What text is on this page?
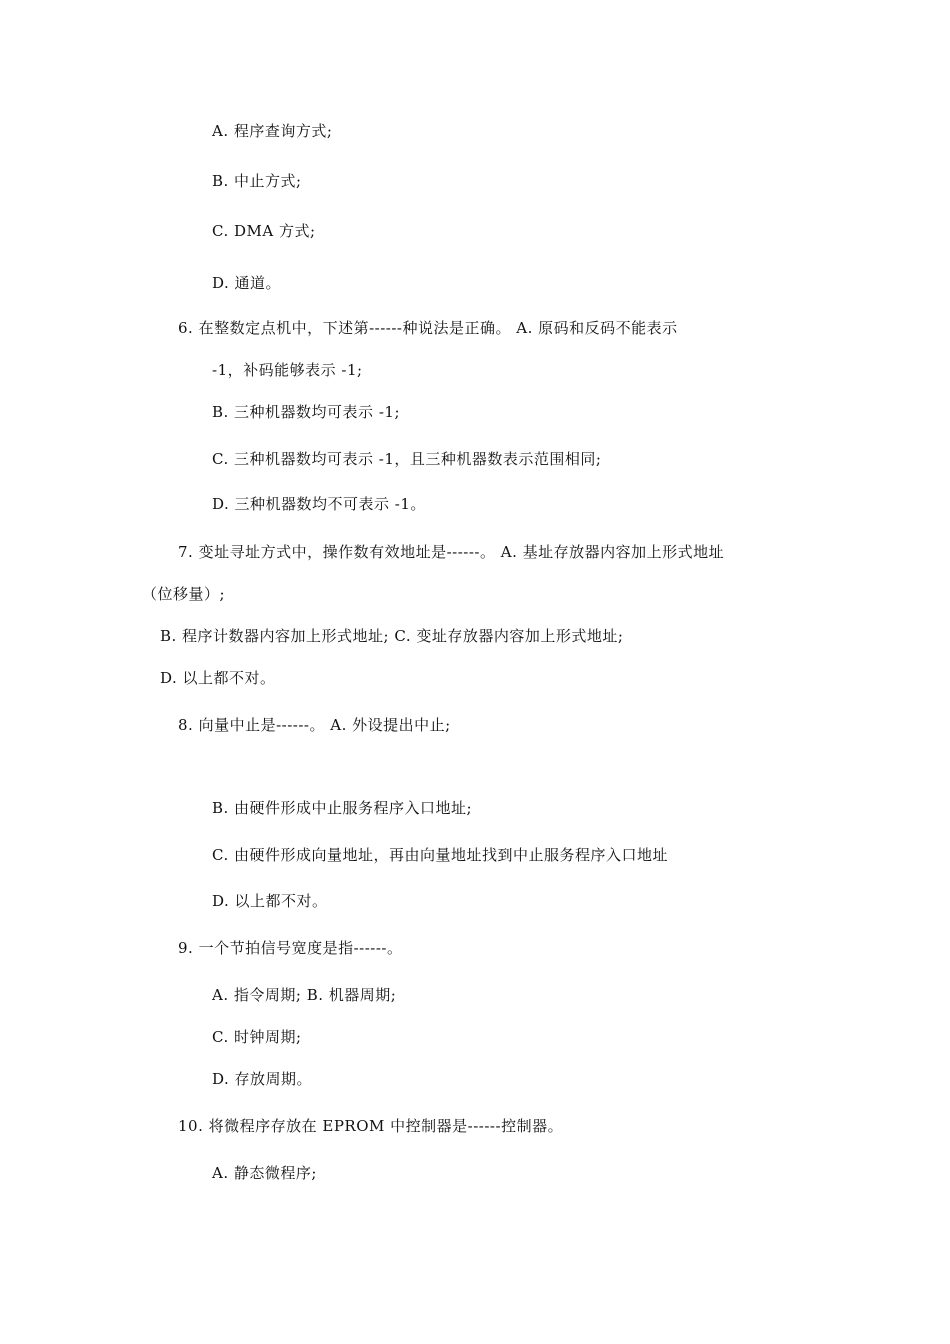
A. 程序查询方式;
B. 中止方式;
C. DMA 方式;
D. 通道。
6. 在整数定点机中，下述第------种说法是正确。 A. 原码和反码不能表示
-1，补码能够表示 -1;
B. 三种机器数均可表示 -1;
C. 三种机器数均可表示 -1，且三种机器数表示范围相同;
D. 三种机器数均不可表示 -1。
7. 变址寻址方式中，操作数有效地址是------。 A. 基址存放器内容加上形式地址
（位移量）;
B. 程序计数器内容加上形式地址; C. 变址存放器内容加上形式地址;
D. 以上都不对。
8. 向量中止是------。 A. 外设提出中止;
B. 由硬件形成中止服务程序入口地址;
C. 由硬件形成向量地址，再由向量地址找到中止服务程序入口地址
D. 以上都不对。
9. 一个节拍信号宽度是指------。
A. 指令周期; B. 机器周期;
C. 时钟周期;
D. 存放周期。
10. 将微程序存放在 EPROM 中控制器是------控制器。
A. 静态微程序;
